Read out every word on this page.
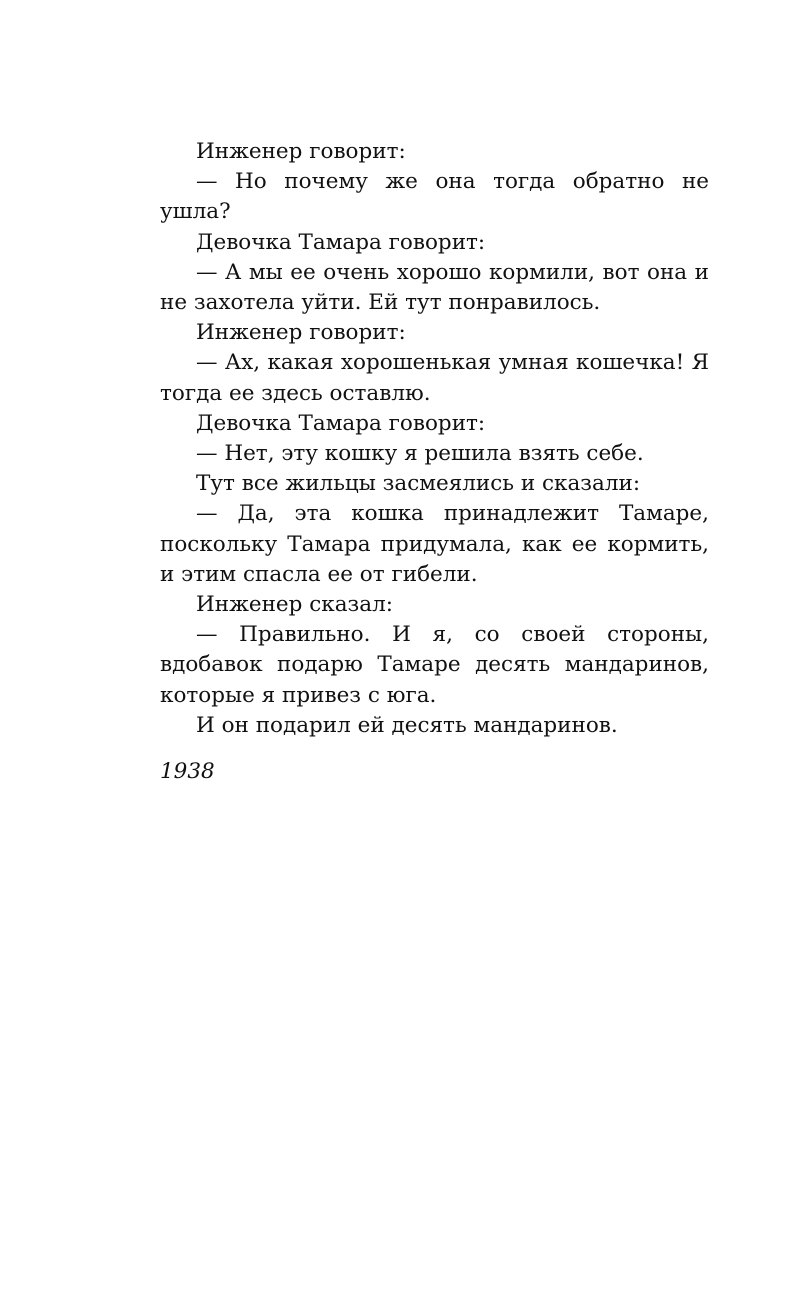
Инженер говорит:

— Но почему же она тогда обратно не ушла?

Девочка Тамара говорит:

— А мы ее очень хорошо кормили, вот она и не захотела уйти. Ей тут понравилось.

Инженер говорит:

— Ах, какая хорошенькая умная кошечка! Я тогда ее здесь оставлю.

Девочка Тамара говорит:

— Нет, эту кошку я решила взять себе.

Тут все жильцы засмеялись и сказали:

— Да, эта кошка принадлежит Тамаре, поскольку Тамара придумала, как ее кормить, и этим спасла ее от гибели.

Инженер сказал:

— Правильно. И я, со своей стороны, вдобавок подарю Тамаре десять мандаринов, которые я привез с юга.

И он подарил ей десять мандаринов.

1938
